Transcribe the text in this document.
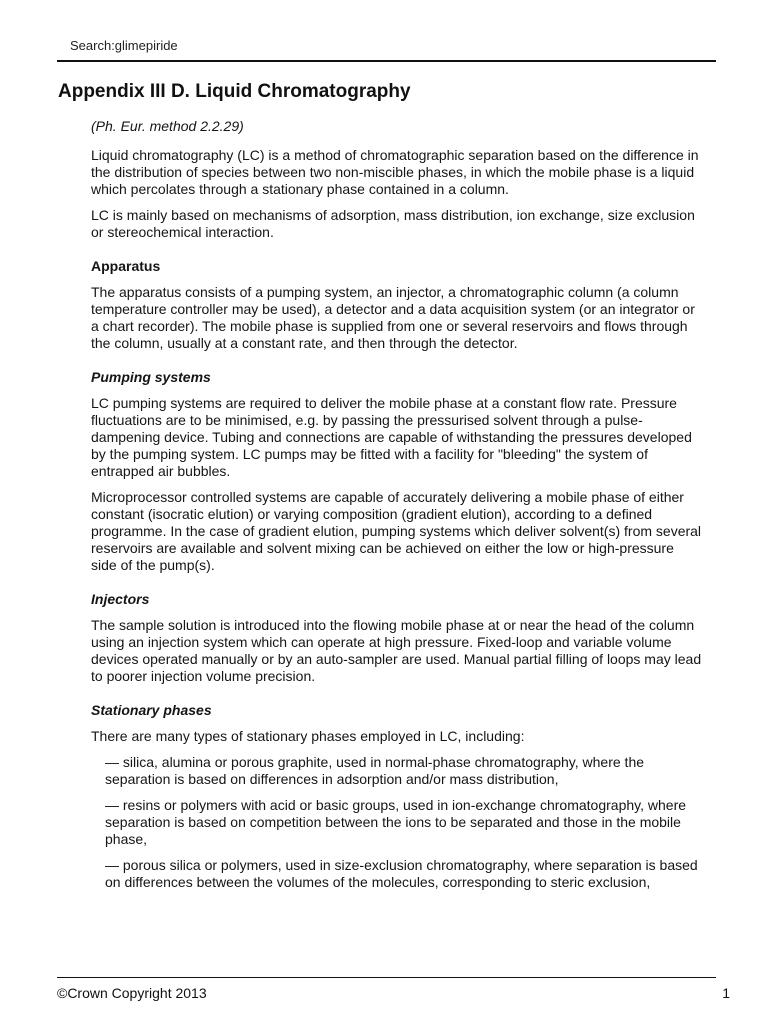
Search:glimepiride
Appendix III D. Liquid Chromatography

(Ph. Eur. method 2.2.29)

Liquid chromatography (LC) is a method of chromatographic separation based on the difference in the distribution of species between two non-miscible phases, in which the mobile phase is a liquid which percolates through a stationary phase contained in a column.

LC is mainly based on mechanisms of adsorption, mass distribution, ion exchange, size exclusion or stereochemical interaction.

Apparatus

The apparatus consists of a pumping system, an injector, a chromatographic column (a column temperature controller may be used), a detector and a data acquisition system (or an integrator or a chart recorder). The mobile phase is supplied from one or several reservoirs and flows through the column, usually at a constant rate, and then through the detector.

Pumping systems

LC pumping systems are required to deliver the mobile phase at a constant flow rate. Pressure fluctuations are to be minimised, e.g. by passing the pressurised solvent through a pulse-dampening device. Tubing and connections are capable of withstanding the pressures developed by the pumping system. LC pumps may be fitted with a facility for "bleeding" the system of entrapped air bubbles.

Microprocessor controlled systems are capable of accurately delivering a mobile phase of either constant (isocratic elution) or varying composition (gradient elution), according to a defined programme. In the case of gradient elution, pumping systems which deliver solvent(s) from several reservoirs are available and solvent mixing can be achieved on either the low or high-pressure side of the pump(s).

Injectors

The sample solution is introduced into the flowing mobile phase at or near the head of the column using an injection system which can operate at high pressure. Fixed-loop and variable volume devices operated manually or by an auto-sampler are used. Manual partial filling of loops may lead to poorer injection volume precision.

Stationary phases

There are many types of stationary phases employed in LC, including:

— silica, alumina or porous graphite, used in normal-phase chromatography, where the separation is based on differences in adsorption and/or mass distribution,

— resins or polymers with acid or basic groups, used in ion-exchange chromatography, where separation is based on competition between the ions to be separated and those in the mobile phase,

— porous silica or polymers, used in size-exclusion chromatography, where separation is based on differences between the volumes of the molecules, corresponding to steric exclusion,

©Crown Copyright 2013	1
